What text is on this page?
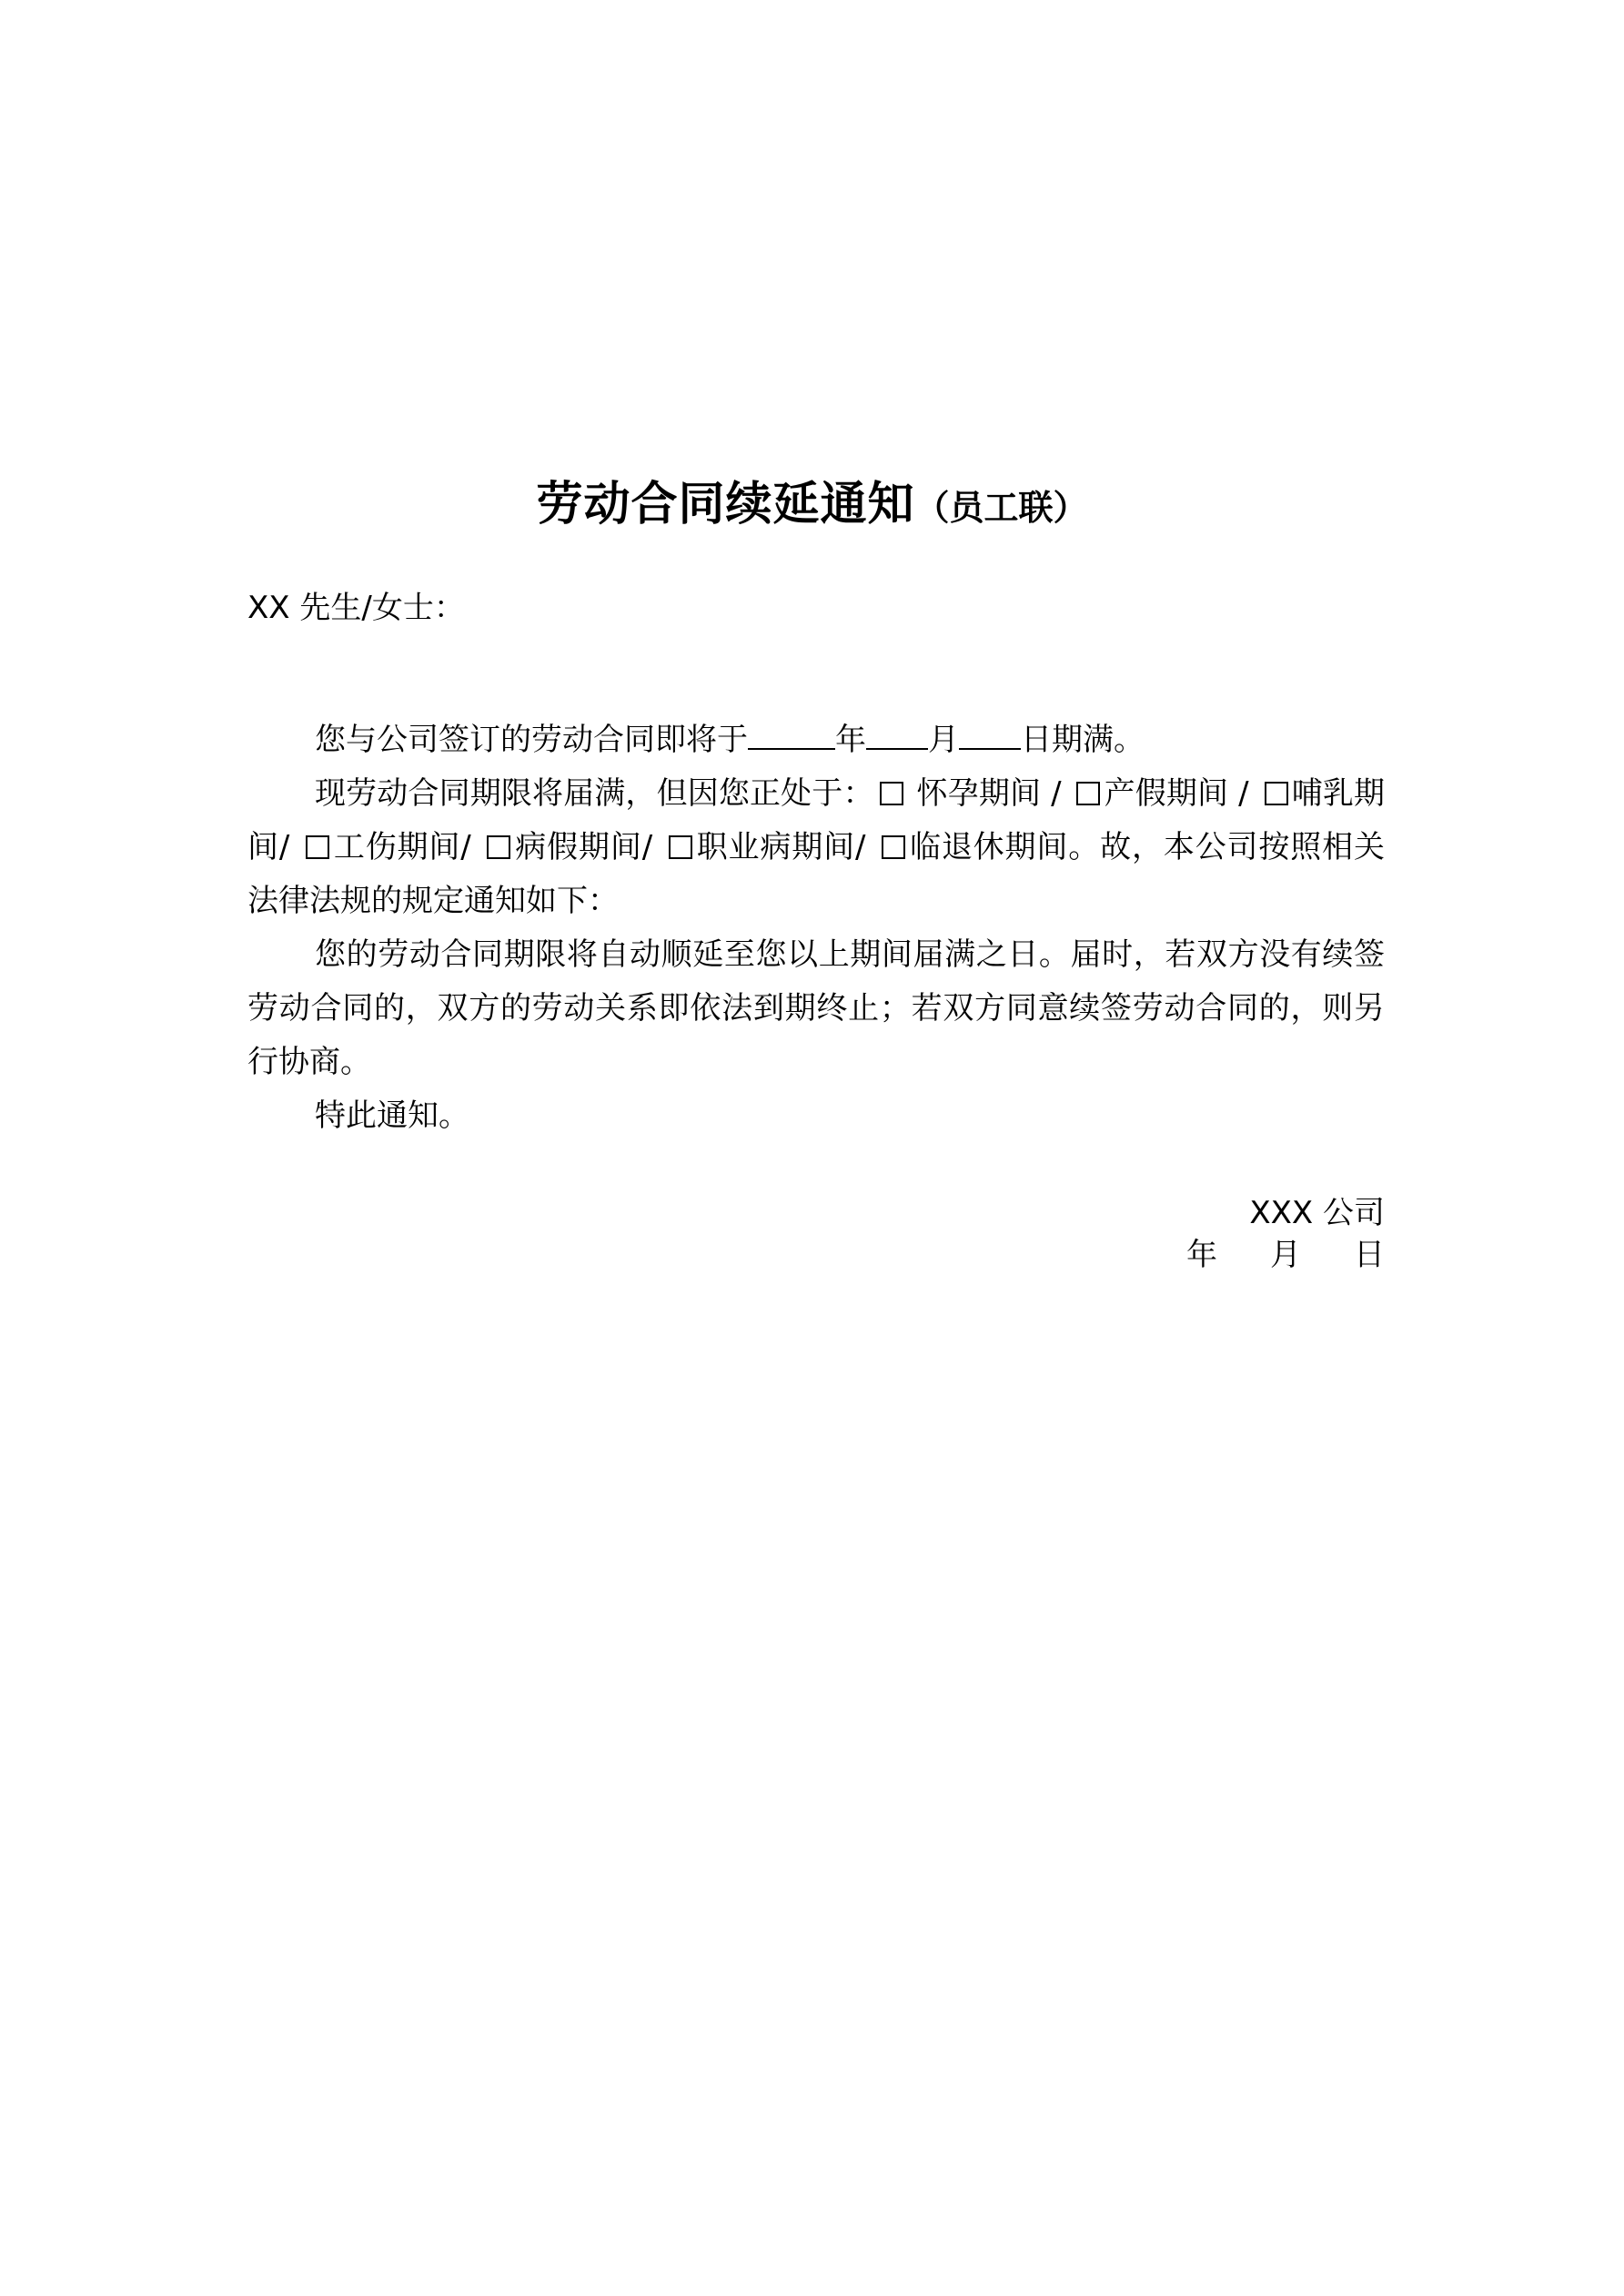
劳动合同续延通知（员工联）
XX 先生/女士：

您与公司签订的劳动合同即将于	年 月 日期满。

现劳动合同期限将届满，但因您正处于： 怀孕期间 / 产假期间 / 哺乳期间/ 工伤期间/ 病假期间/ 职业病期间/ 临退休期间。故，本公司按照相关法律法规的规定通知如下：

您的劳动合同期限将自动顺延至您以上期间届满之日。届时，若双方没有续签劳动合同的，双方的劳动关系即依法到期终止；若双方同意续签劳动合同的，则另行协商。

特此通知。

XXX 公司
年 月 日
